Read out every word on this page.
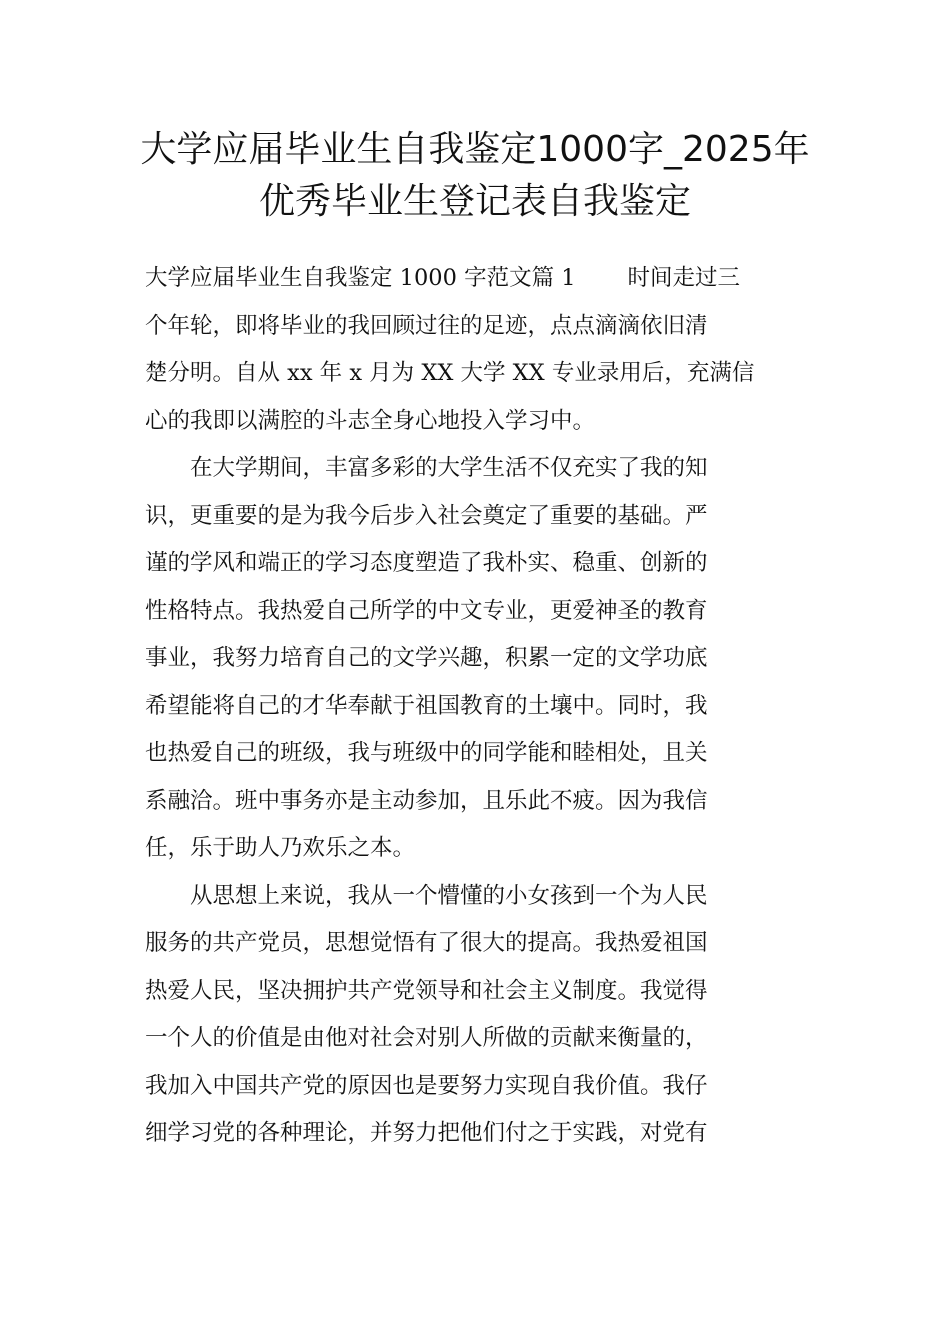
大学应届毕业生自我鉴定1000字_2025年
优秀毕业生登记表自我鉴定
大学应届毕业生自我鉴定 1000 字范文篇 1 时间走过三
个年轮，即将毕业的我回顾过往的足迹，点点滴滴依旧清
楚分明。自从 xx 年 x 月为 XX 大学 XX 专业录用后，充满信
心的我即以满腔的斗志全身心地投入学习中。
在大学期间，丰富多彩的大学生活不仅充实了我的知
识，更重要的是为我今后步入社会奠定了重要的基础。严
谨的学风和端正的学习态度塑造了我朴实、稳重、创新的
性格特点。我热爱自己所学的中文专业，更爱神圣的教育
事业，我努力培育自己的文学兴趣，积累一定的文学功底
希望能将自己的才华奉献于祖国教育的土壤中。同时，我
也热爱自己的班级，我与班级中的同学能和睦相处，且关
系融洽。班中事务亦是主动参加，且乐此不疲。因为我信
任，乐于助人乃欢乐之本。
从思想上来说，我从一个懵懂的小女孩到一个为人民
服务的共产党员，思想觉悟有了很大的提高。我热爱祖国
热爱人民，坚决拥护共产党领导和社会主义制度。我觉得
一个人的价值是由他对社会对别人所做的贡献来衡量的，
我加入中国共产党的原因也是要努力实现自我价值。我仔
细学习党的各种理论，并努力把他们付之于实践，对党有
